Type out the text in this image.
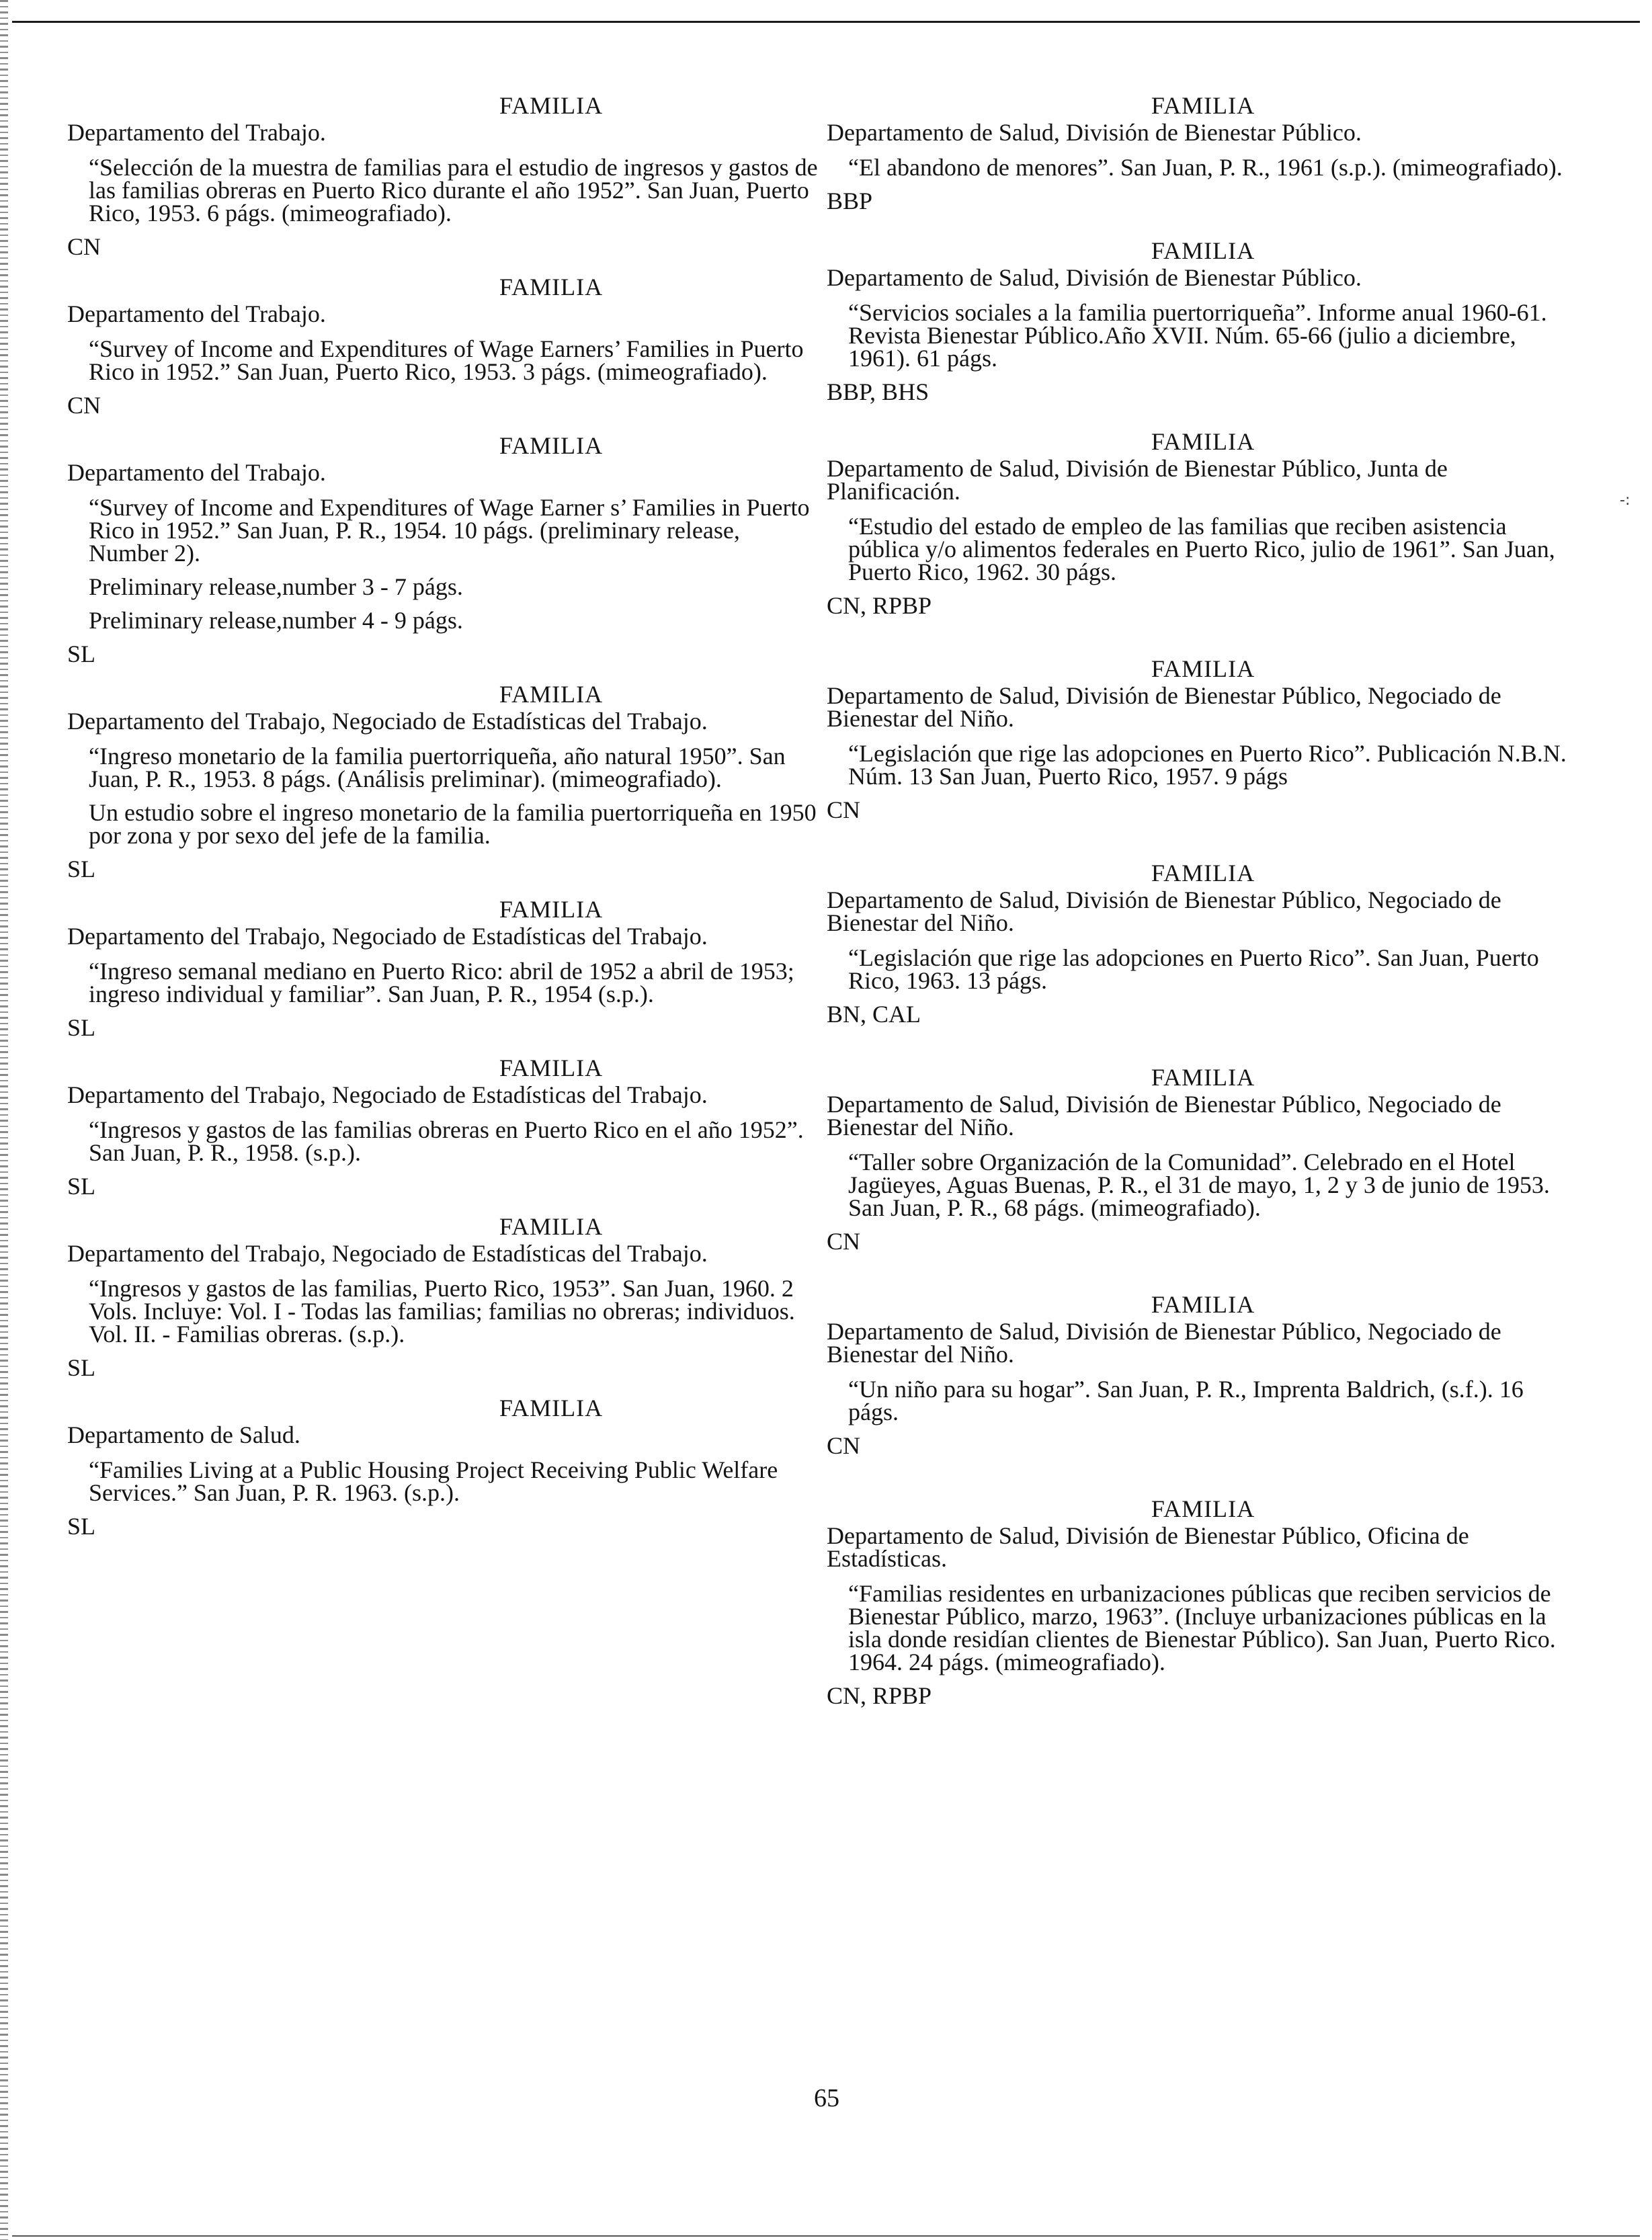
FAMILIA
Departamento del Trabajo.
“Selección de la muestra de familias para el estudio de ingresos y gastos de las familias obreras en Puerto Rico durante el año 1952”. San Juan, Puerto Rico, 1953. 6 págs. (mimeografiado).
CN
FAMILIA
Departamento del Trabajo.
“Survey of Income and Expenditures of Wage Earners’ Families in Puerto Rico in 1952.” San Juan, Puerto Rico, 1953. 3 págs. (mimeografiado).
CN
FAMILIA
Departamento del Trabajo.
“Survey of Income and Expenditures of Wage Earner s’ Families in Puerto Rico in 1952.” San Juan, P. R., 1954. 10 págs. (preliminary release, Number 2).
Preliminary release,number 3 - 7 págs.
Preliminary release,number 4 - 9 págs.
SL
FAMILIA
Departamento del Trabajo, Negociado de Estadísticas del Trabajo.
“Ingreso monetario de la familia puertorriqueña, año natural 1950”. San Juan, P. R., 1953. 8 págs. (Análisis preliminar). (mimeografiado).
Un estudio sobre el ingreso monetario de la familia puertorriqueña en 1950 por zona y por sexo del jefe de la familia.
SL
FAMILIA
Departamento del Trabajo, Negociado de Estadísticas del Trabajo.
“Ingreso semanal mediano en Puerto Rico: abril de 1952 a abril de 1953; ingreso individual y familiar”. San Juan, P. R., 1954 (s.p.).
SL
FAMILIA
Departamento del Trabajo, Negociado de Estadísticas del Trabajo.
“Ingresos y gastos de las familias obreras en Puerto Rico en el año 1952”. San Juan, P. R., 1958. (s.p.).
SL
FAMILIA
Departamento del Trabajo, Negociado de Estadísticas del Trabajo.
“Ingresos y gastos de las familias, Puerto Rico, 1953”. San Juan, 1960. 2 Vols. Incluye: Vol. I - Todas las familias; familias no obreras; individuos. Vol. II. - Familias obreras. (s.p.).
SL
FAMILIA
Departamento de Salud.
“Families Living at a Public Housing Project Receiving Public Welfare Services.” San Juan, P. R. 1963. (s.p.).
SL
FAMILIA
Departamento de Salud, División de Bienestar Público.
“El abandono de menores”. San Juan, P. R., 1961 (s.p.). (mimeografiado).
BBP
FAMILIA
Departamento de Salud, División de Bienestar Público.
“Servicios sociales a la familia puertorriqueña”. Informe anual 1960-61. Revista Bienestar Público.Año XVII. Núm. 65-66 (julio a diciembre, 1961). 61 págs.
BBP, BHS
FAMILIA
Departamento de Salud, División de Bienestar Público, Junta de Planificación.
“Estudio del estado de empleo de las familias que reciben asistencia pública y/o alimentos federales en Puerto Rico, julio de 1961”. San Juan, Puerto Rico, 1962. 30 págs.
CN, RPBP
FAMILIA
Departamento de Salud, División de Bienestar Público, Negociado de Bienestar del Niño.
“Legislación que rige las adopciones en Puerto Rico”. Publicación N.B.N. Núm. 13 San Juan, Puerto Rico, 1957. 9 págs
CN
FAMILIA
Departamento de Salud, División de Bienestar Público, Negociado de Bienestar del Niño.
“Legislación que rige las adopciones en Puerto Rico”. San Juan, Puerto Rico, 1963. 13 págs.
BN, CAL
FAMILIA
Departamento de Salud, División de Bienestar Público, Negociado de Bienestar del Niño.
“Taller sobre Organización de la Comunidad”. Celebrado en el Hotel Jagüeyes, Aguas Buenas, P. R., el 31 de mayo, 1, 2 y 3 de junio de 1953. San Juan, P. R., 68 págs. (mimeografiado).
CN
FAMILIA
Departamento de Salud, División de Bienestar Público, Negociado de Bienestar del Niño.
“Un niño para su hogar”. San Juan, P. R., Imprenta Baldrich, (s.f.). 16 págs.
CN
FAMILIA
Departamento de Salud, División de Bienestar Público, Oficina de Estadísticas.
“Familias residentes en urbanizaciones públicas que reciben servicios de Bienestar Público, marzo, 1963”. (Incluye urbanizaciones públicas en la isla donde residían clientes de Bienestar Público). San Juan, Puerto Rico. 1964. 24 págs. (mimeografiado).
CN, RPBP
-:
65
